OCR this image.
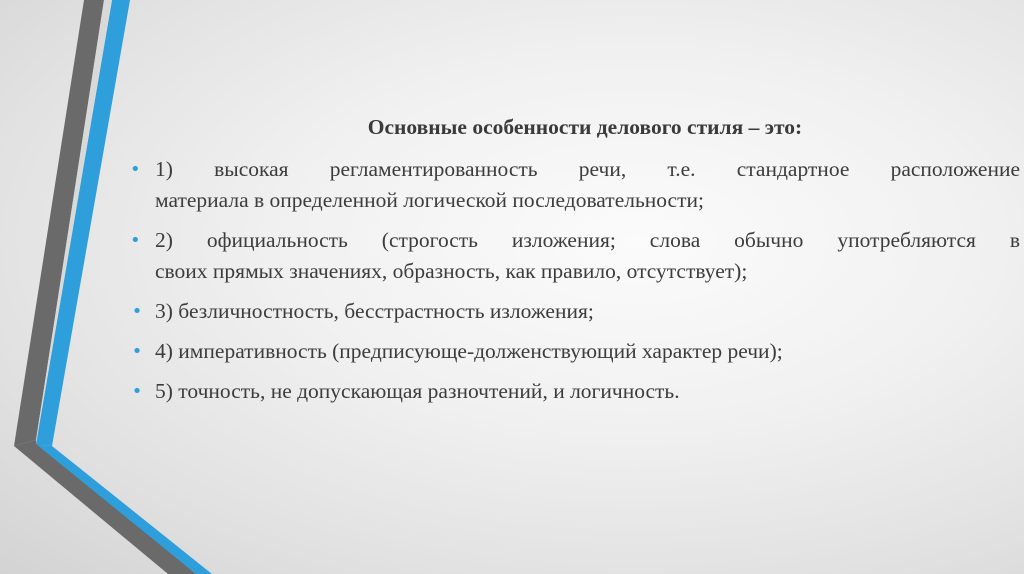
Основные особенности делового стиля – это:
• 1) высокая регламентированность речи, т.е. стандартное расположение
материала в определенной логической последовательности;
• 2) официальность (строгость изложения; слова обычно употребляются в
своих прямых значениях, образность, как правило, отсутствует);
• 3) безличностность, бесстрастность изложения;
• 4) императивность (предписующе-долженствующий характер речи);
• 5) точность, не допускающая разночтений, и логичность.
